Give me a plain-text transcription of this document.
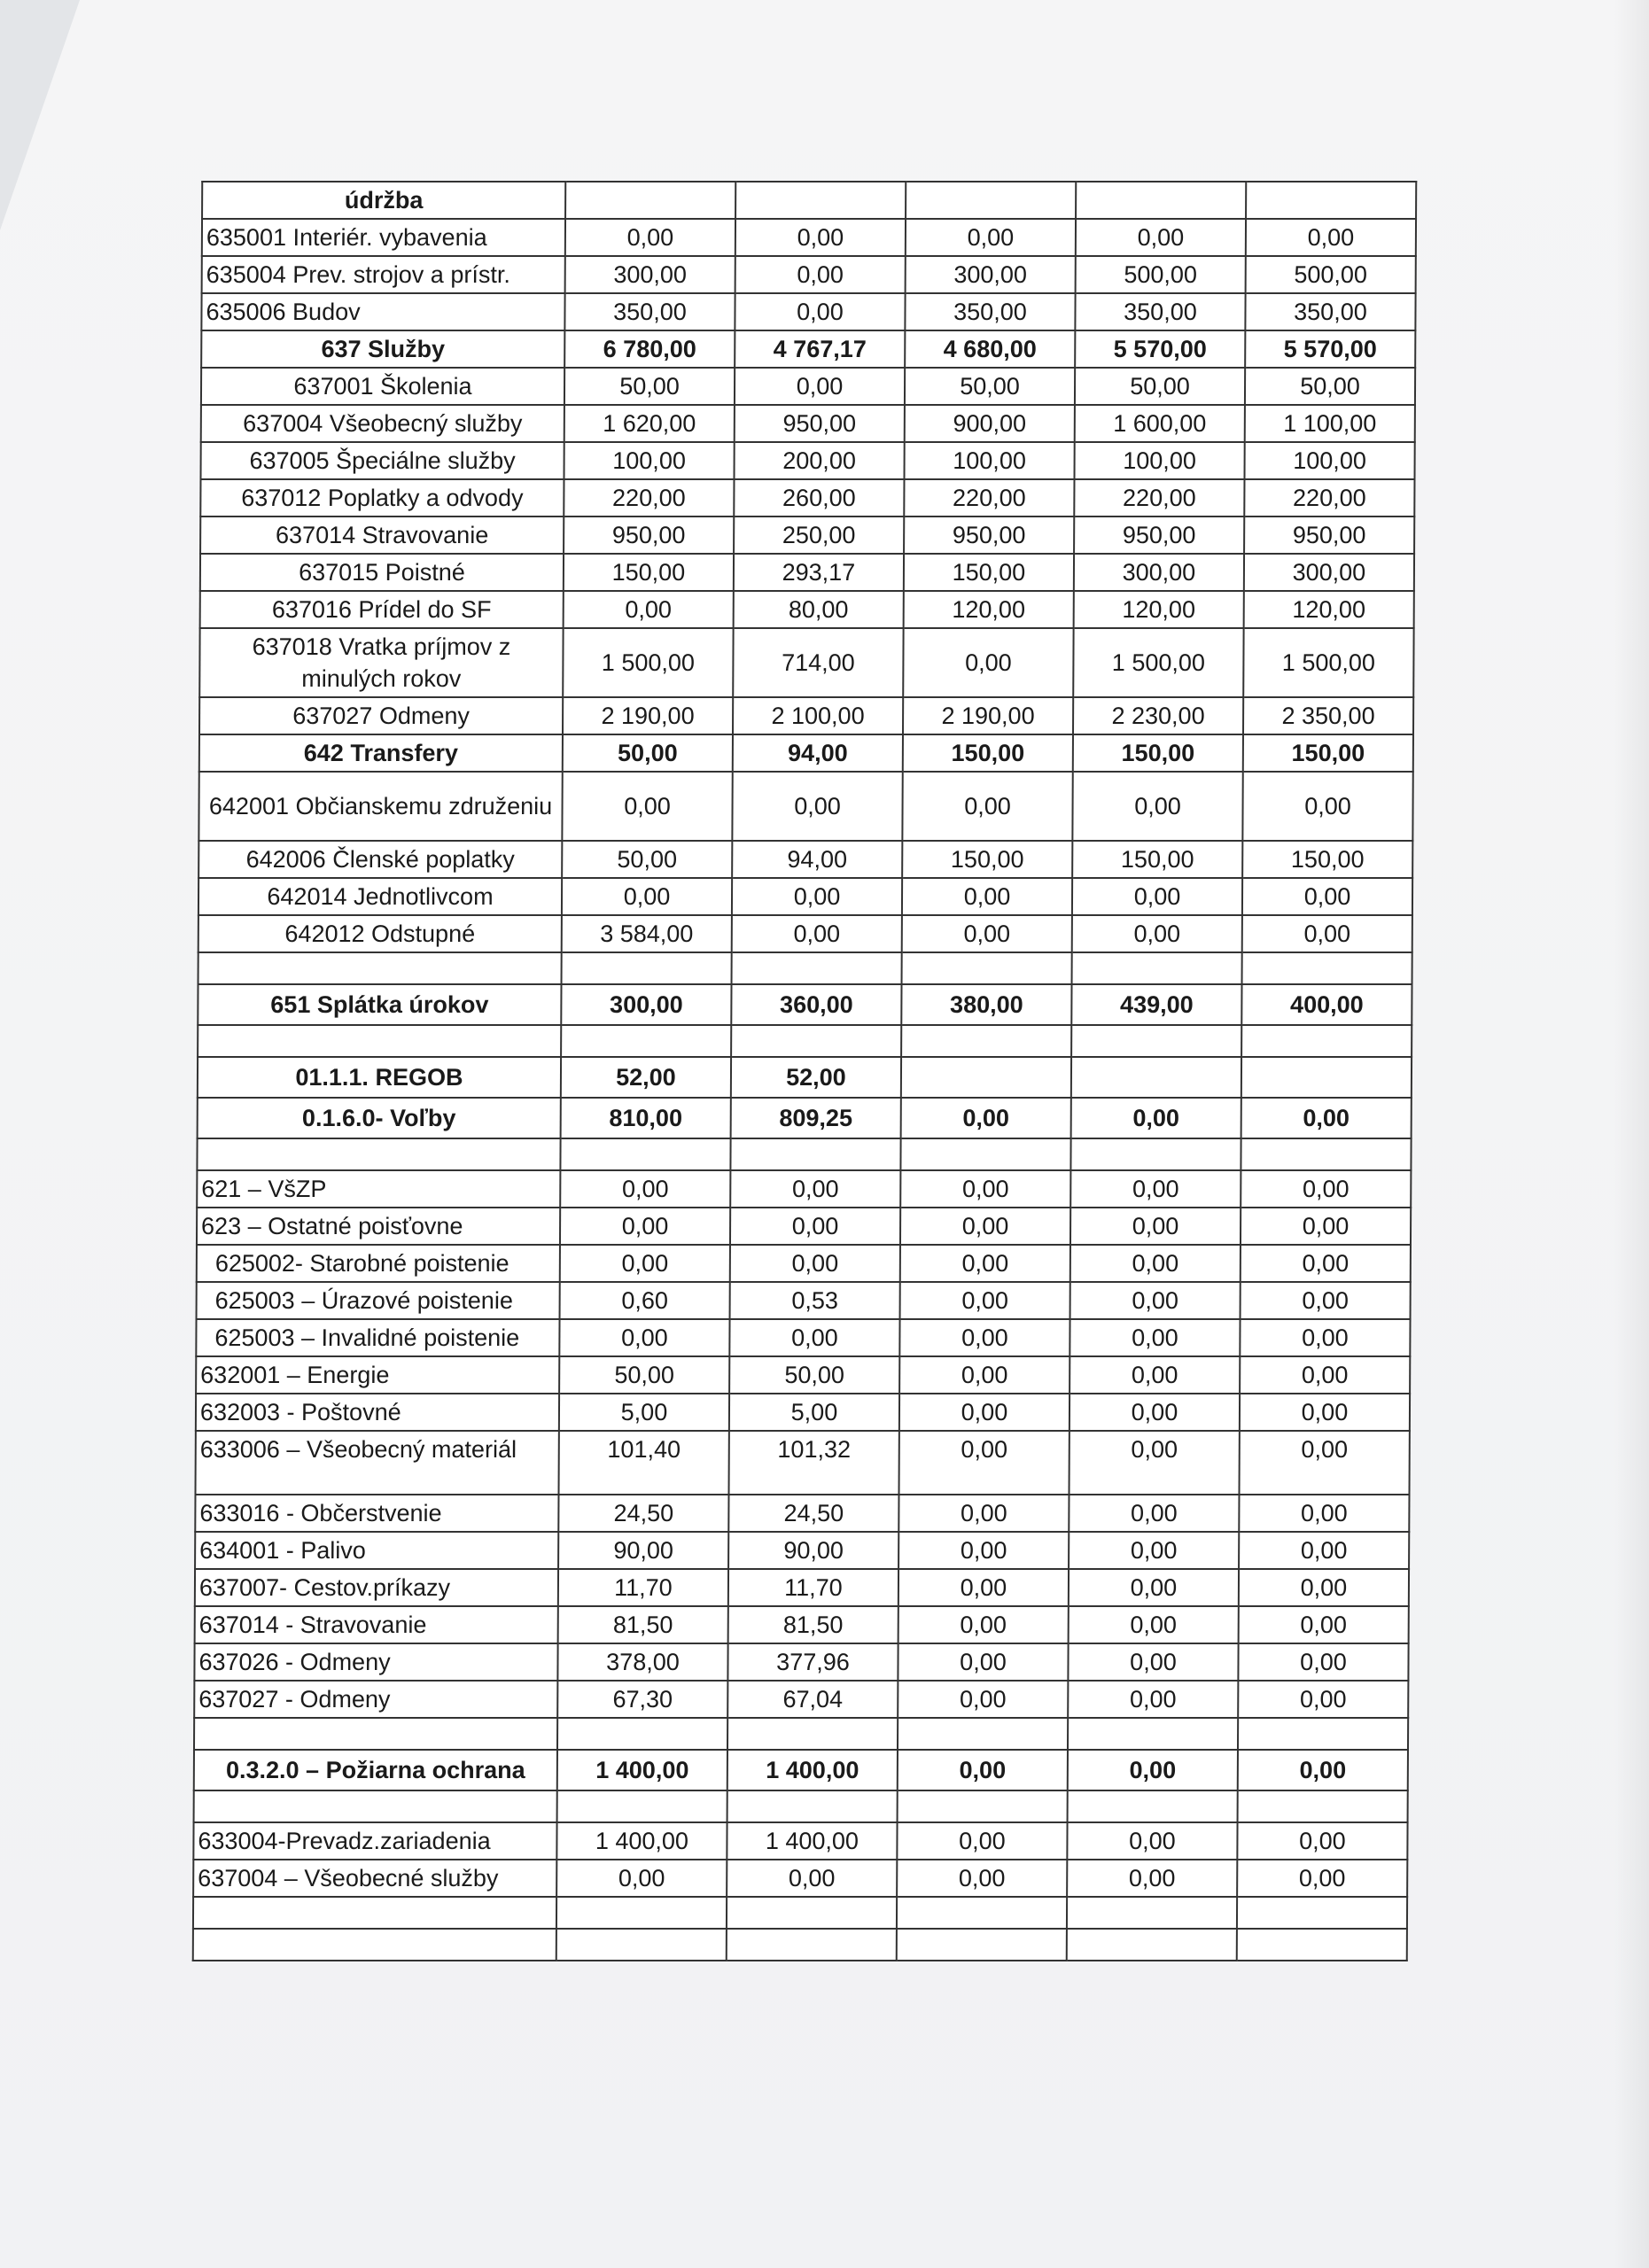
údržba					
635001 Interiér. vybavenia	0,00	0,00	0,00	0,00	0,00
635004 Prev. strojov a prístr.	300,00	0,00	300,00	500,00	500,00
635006 Budov	350,00	0,00	350,00	350,00	350,00
637 Služby	6 780,00	4 767,17	4 680,00	5 570,00	5 570,00
637001 Školenia	50,00	0,00	50,00	50,00	50,00
637004 Všeobecný služby	1 620,00	950,00	900,00	1 600,00	1 100,00
637005 Špeciálne služby	100,00	200,00	100,00	100,00	100,00
637012 Poplatky a odvody	220,00	260,00	220,00	220,00	220,00
637014 Stravovanie	950,00	250,00	950,00	950,00	950,00
637015 Poistné	150,00	293,17	150,00	300,00	300,00
637016 Prídel do SF	0,00	80,00	120,00	120,00	120,00
637018 Vratka príjmov z minulých rokov	1 500,00	714,00	0,00	1 500,00	1 500,00
637027 Odmeny	2 190,00	2 100,00	2 190,00	2 230,00	2 350,00
642 Transfery	50,00	94,00	150,00	150,00	150,00
642001 Občianskemu združeniu	0,00	0,00	0,00	0,00	0,00
642006 Členské poplatky	50,00	94,00	150,00	150,00	150,00
642014 Jednotlivcom	0,00	0,00	0,00	0,00	0,00
642012 Odstupné	3 584,00	0,00	0,00	0,00	0,00

651 Splátka úrokov	300,00	360,00	380,00	439,00	400,00

01.1.1. REGOB	52,00	52,00			
0.1.6.0- Voľby	810,00	809,25	0,00	0,00	0,00

621 – VšZP	0,00	0,00	0,00	0,00	0,00
623 – Ostatné poisťovne	0,00	0,00	0,00	0,00	0,00
625002- Starobné poistenie	0,00	0,00	0,00	0,00	0,00
625003 – Úrazové poistenie	0,60	0,53	0,00	0,00	0,00
625003 – Invalidné poistenie	0,00	0,00	0,00	0,00	0,00
632001 – Energie	50,00	50,00	0,00	0,00	0,00
632003 - Poštovné	5,00	5,00	0,00	0,00	0,00
633006 – Všeobecný materiál	101,40	101,32	0,00	0,00	0,00
633016 - Občerstvenie	24,50	24,50	0,00	0,00	0,00
634001 - Palivo	90,00	90,00	0,00	0,00	0,00
637007- Cestov.príkazy	11,70	11,70	0,00	0,00	0,00
637014 - Stravovanie	81,50	81,50	0,00	0,00	0,00
637026 - Odmeny	378,00	377,96	0,00	0,00	0,00
637027 - Odmeny	67,30	67,04	0,00	0,00	0,00

0.3.2.0 – Požiarna ochrana	1 400,00	1 400,00	0,00	0,00	0,00

633004-Prevadz.zariadenia	1 400,00	1 400,00	0,00	0,00	0,00
637004 – Všeobecné služby	0,00	0,00	0,00	0,00	0,00
